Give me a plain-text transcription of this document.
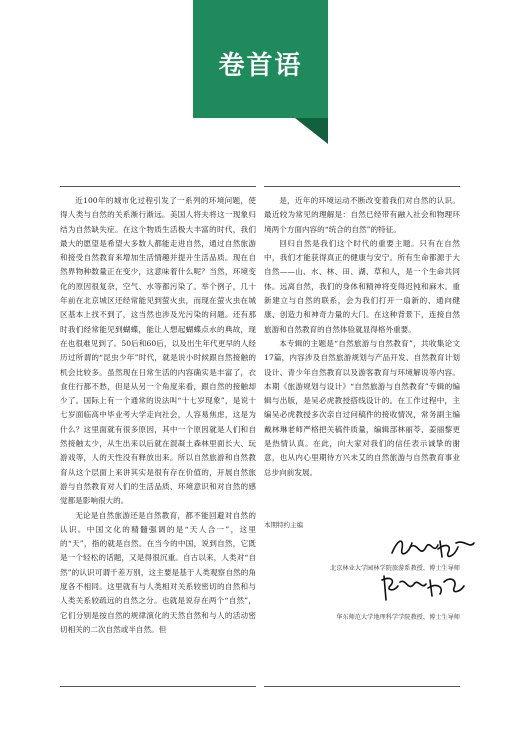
卷首语

近100年的城市化过程引发了一系列的环境问题，使得人类与自然的关系渐行渐远。美国人将夫将这一现象归结为自然缺失症。在这个物质生活极大丰富的时代，我们最大的愿望是希望大多数人都能走进自然，通过自然旅游和接受自然教育来增加生活情趣并提升生活品质。现在自然界物种数量正在变少，这意味着什么呢？当然，环境变化的原因很复杂，空气、水等都污染了。举个例子，几十年前在北京城区还经常能见到萤火虫，而现在萤火虫在城区基本上找不到了，这当然也涉及光污染的问题。还有那时我们经常能见到蝴蝶，能让人想起蝴蝶点水的典故，现在也很难见到了。50后和60后，以及出生年代更早的人经历过所谓的“昆虫少年”时代，就是说小时候跟自然接触的机会比较多。虽然现在日常生活的内容确实是丰富了，衣食住行都不愁，但是从另一个角度来看，跟自然的接触却少了。国际上有一个通常的说法叫“十七岁现象”，是说十七岁面临高中毕业考大学走向社会，人容易焦虑，这是为什么？这里面就有很多原因，其中一个原因就是人们和自然接触太少，从生出来以后就在混凝土森林里面长大、玩游戏等，人的天性没有释放出来。所以自然旅游和自然教育从这个层面上来讲其实是很有存在价值的，开展自然旅游与自然教育对人们的生活品质、环境意识和对自然的感觉都是影响很大的。

无论是自然旅游还是自然教育，都不能回避对自然的认识。中国文化的精髓强调的是“天人合一”，这里的“天”，指的就是自然。在当今的中国，说到自然，它既是一个轻松的话题，又是得很沉重。自古以来，人类对“自然”的认识可谓千差万别，这主要是基于人类观察自然的角度各不相同。这里就有与人类相对关系较密切的自然和与人类关系较疏远的自然之分。也就是说存在两个“自然”，它们分别是按自然的规律演化的天然自然和与人的活动密切相关的二次自然或半自然。但

是，近年的环境运动不断改变着我们对自然的认识。最近较为常见的理解是：自然已经带有融入社会和物理环境两个方面内容的“统合的自然”的特征。

回归自然是我们这个时代的重要主题。只有在自然中，我们才能获得真正的健康与安宁。所有生命都源于大自然——山、水、林、田、湖、草和人，是一个生命共同体。远离自然，我们的身体和精神将变得迟钝和麻木。重新建立与自然的联系，会为我们打开一扇新的、通向健康、创造力和神奇力量的大门。在这种背景下，连接自然旅游和自然教育的自然体验就显得格外重要。

本专辑的主题是“自然旅游与自然教育”，共收集论文17篇，内容涉及自然旅游规划与产品开发、自然教育计划设计、青少年自然教育以及游客教育与环境解说等内容。本期《旅游规划与设计》“自然旅游与自然教育”专辑的编辑与出版，是吴必虎教授搭线设计的。在工作过程中，主编吴必虎教授多次亲自过问稿件的接收情况，常务副主编戴林琳老师严格把关稿件质量，编辑部林丽苓、姜丽黎更是热情认真。在此，向大家对我们的信任表示诚挚的谢意，也从内心里期待方兴未艾的自然旅游与自然教育事业总步向前发展。

本期特约主编
北京林业大学园林学院旅游系教授、博士生导师
华东师范大学地理科学学院教授、博士生导师
